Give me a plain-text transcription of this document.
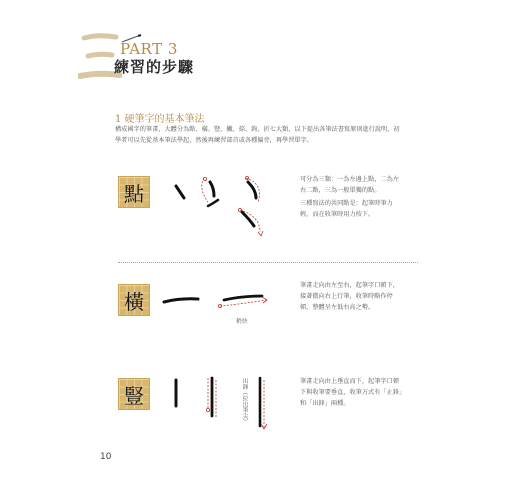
PART 3
練習的步驟
1 硬筆字的基本筆法
構成國字的筆畫，大體分為點、橫、豎、撇、捺、鉤、折七大類，以下提出各筆法書寫原則進行說明，初學者可以先從基本筆法學起，然後再練習部首或各種偏旁，再學習單字。
點

可分為三類：一為左邊上點，二為左右二點，三為一般單獨的點。

三種寫法的共同點是：起筆時筆力輕，而在收筆時用力按下。

橫
稍快

筆畫走向由左至右，起筆字口頓下，接著微向右上行筆，收筆時略作停頓，整體呈左低右高之勢。

豎	出鋒（拉出筆尖）	筆畫走向由上垂直而下，起筆字口頓下與收筆要垂直，收筆方式有「止鋒」和「出鋒」兩種。

10
